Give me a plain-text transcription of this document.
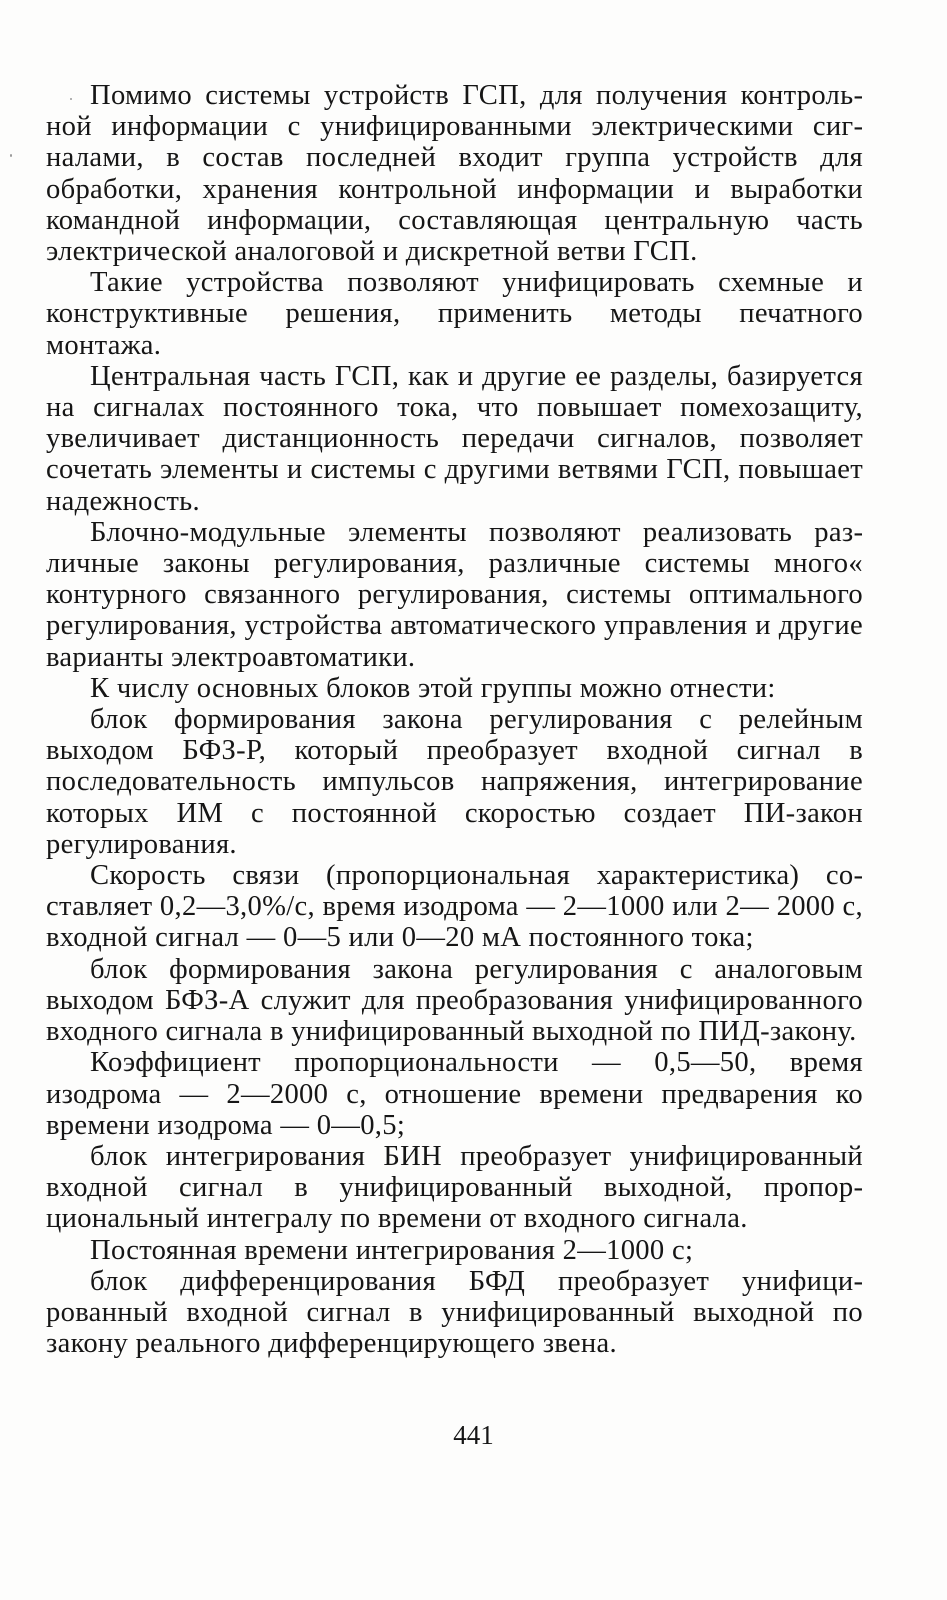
Помимо системы устройств ГСП, для получения контрольной информации с унифицированными электрическими сигналами, в состав последней входит группа устройств для обработки, хранения контрольной информации и выработки командной информации, составляющая центральную часть электрической аналоговой и дискретной ветви ГСП.

Такие устройства позволяют унифицировать схемные и конструктивные решения, применить методы печатного монтажа.

Центральная часть ГСП, как и другие ее разделы, базируется на сигналах постоянного тока, что повышает помехозащиту, увеличивает дистанционность передачи сигналов, позволяет сочетать элементы и системы с другими ветвями ГСП, повышает надежность.

Блочно-модульные элементы позволяют реализовать различные законы регулирования, различные системы много« контурного связанного регулирования, системы оптимального регулирования, устройства автоматического управления и другие варианты электроавтоматики.

К числу основных блоков этой группы можно отнести:

блок формирования закона регулирования с релейным выходом БФЗ-Р, который преобразует входной сигнал в последовательность импульсов напряжения, интегрирование которых ИМ с постоянной скоростью создает ПИ-закон регулирования.

Скорость связи (пропорциональная характеристика) составляет 0,2—3,0%/с, время изодрома — 2—1000 или 2— 2000 с, входной сигнал — 0—5 или 0—20 мА постоянного тока;

блок формирования закона регулирования с аналоговым выходом БФЗ-А служит для преобразования унифицированного входного сигнала в унифицированный выходной по ПИД-закону.

Коэффициент пропорциональности — 0,5—50, время изодрома — 2—2000 с, отношение времени предварения ко времени изодрома — 0—0,5;

блок интегрирования БИН преобразует унифицированный входной сигнал в унифицированный выходной, пропорциональный интегралу по времени от входного сигнала.

Постоянная времени интегрирования 2—1000 с;

блок дифференцирования БФД преобразует унифицированный входной сигнал в унифицированный выходной по закону реального дифференцирующего звена.

441
